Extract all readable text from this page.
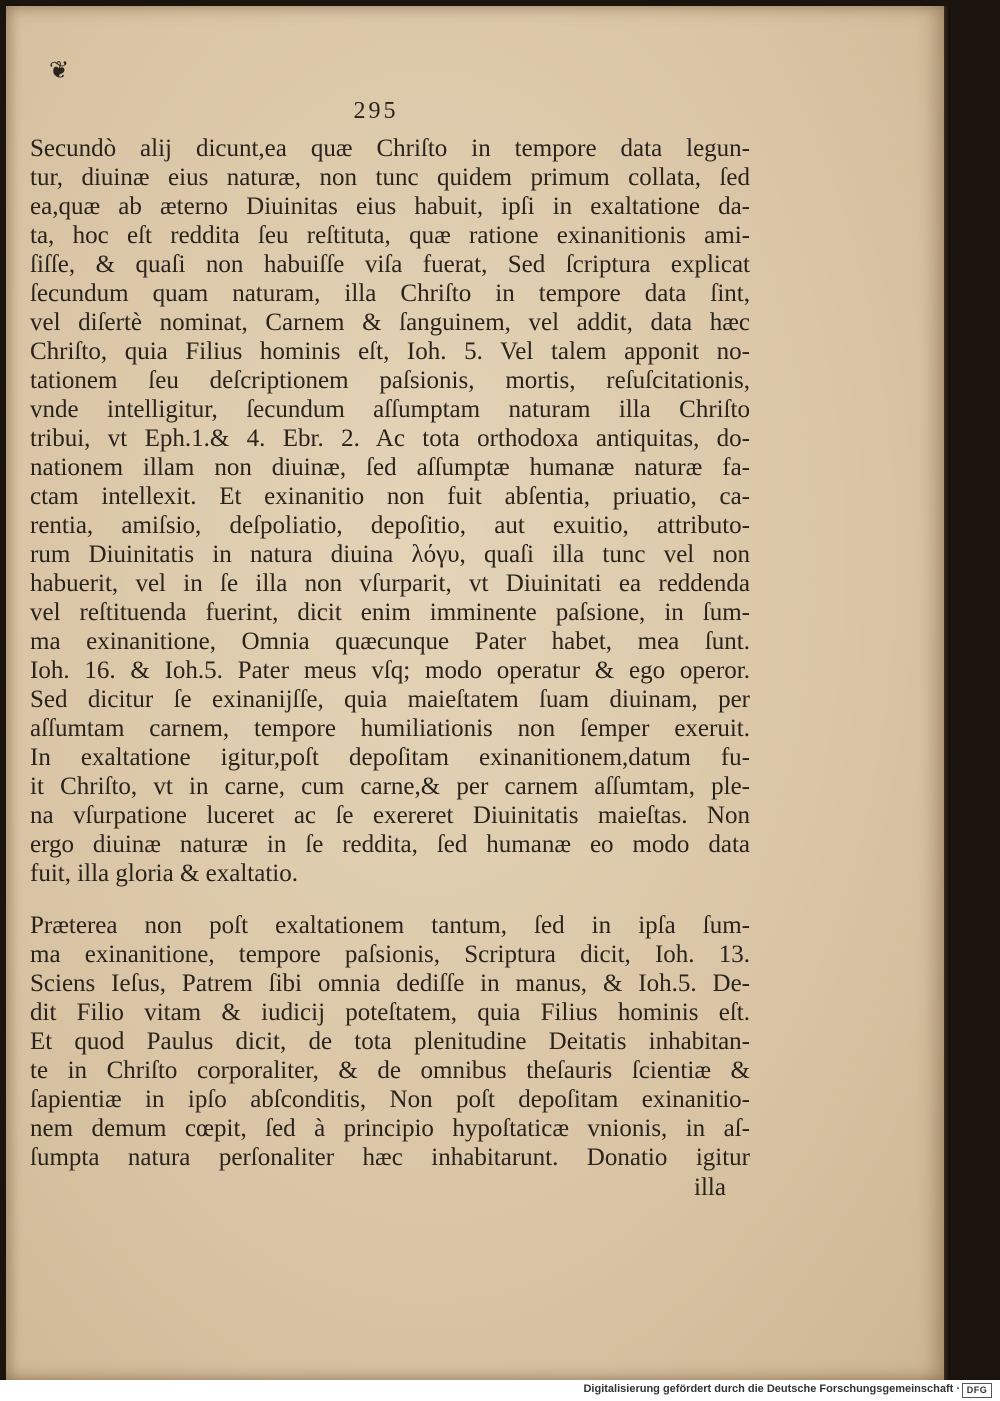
❦
295
Secundò alij dicunt,ea quæ Chriſto in tempore data legun-
tur, diuinæ eius naturæ, non tunc quidem primum collata, ſed
ea,quæ ab æterno Diuinitas eius habuit, ipſi in exaltatione da-
ta, hoc eſt reddita ſeu reſtituta, quæ ratione exinanitionis ami-
ſiſſe, & quaſi non habuiſſe viſa fuerat, Sed ſcriptura explicat
ſecundum quam naturam, illa Chriſto in tempore data ſint,
vel diſertè nominat, Carnem & ſanguinem, vel addit, data hæc
Chriſto, quia Filius hominis eſt, Ioh. 5. Vel talem apponit no-
tationem ſeu deſcriptionem paſsionis, mortis, reſuſcitationis,
vnde intelligitur, ſecundum aſſumptam naturam illa Chriſto
tribui, vt Eph.1.& 4. Ebr. 2. Ac tota orthodoxa antiquitas, do-
nationem illam non diuinæ, ſed aſſumptæ humanæ naturæ fa-
ctam intellexit. Et exinanitio non fuit abſentia, priuatio, ca-
rentia, amiſsio, deſpoliatio, depoſitio, aut exuitio, attributo-
rum Diuinitatis in natura diuina λόγυ, quaſi illa tunc vel non
habuerit, vel in ſe illa non vſurparit, vt Diuinitati ea reddenda
vel reſtituenda fuerint, dicit enim imminente paſsione, in ſum-
ma exinanitione, Omnia quæcunque Pater habet, mea ſunt.
Ioh. 16. & Ioh.5. Pater meus vſq; modo operatur & ego operor.
Sed dicitur ſe exinanijſſe, quia maieſtatem ſuam diuinam, per
aſſumtam carnem, tempore humiliationis non ſemper exeruit.
In exaltatione igitur,poſt depoſitam exinanitionem,datum fu-
it Chriſto, vt in carne, cum carne,& per carnem aſſumtam, ple-
na vſurpatione luceret ac ſe exereret Diuinitatis maieſtas. Non
ergo diuinæ naturæ in ſe reddita, ſed humanæ eo modo data
fuit, illa gloria & exaltatio.
Præterea non poſt exaltationem tantum, ſed in ipſa ſum-
ma exinanitione, tempore paſsionis, Scriptura dicit, Ioh. 13.
Sciens Ieſus, Patrem ſibi omnia dediſſe in manus, & Ioh.5. De-
dit Filio vitam & iudicij poteſtatem, quia Filius hominis eſt.
Et quod Paulus dicit, de tota plenitudine Deitatis inhabitan-
te in Chriſto corporaliter, & de omnibus theſauris ſcientiæ &
ſapientiæ in ipſo abſconditis, Non poſt depoſitam exinanitio-
nem demum cœpit, ſed à principio hypoſtaticæ vnionis, in aſ-
ſumpta natura perſonaliter hæc inhabitarunt. Donatio igitur
illa
Digitalisierung gefördert durch die Deutsche Forschungsgemeinschaft · DFG
